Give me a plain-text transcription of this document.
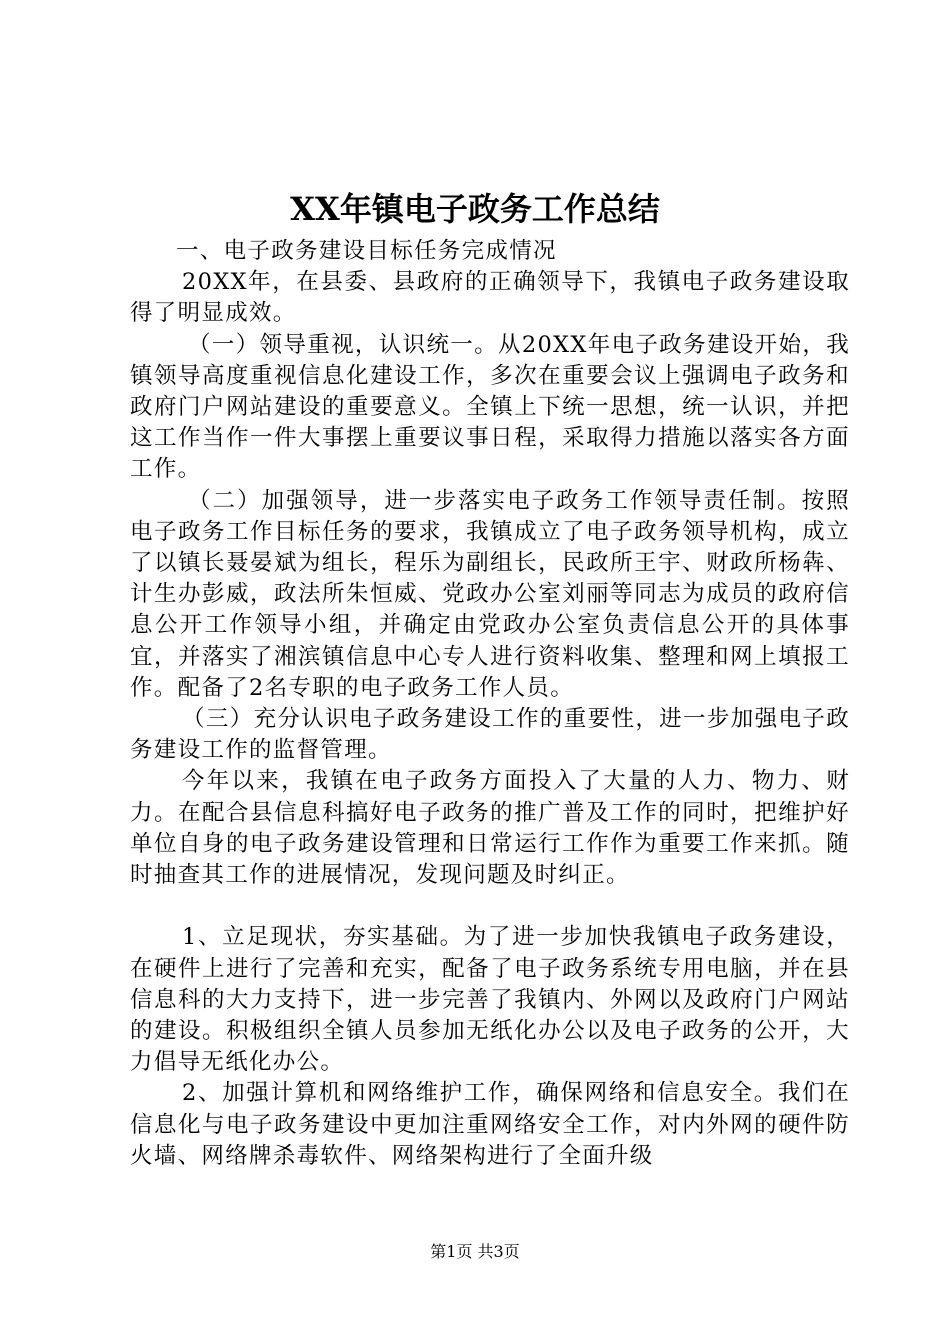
XX年镇电子政务工作总结

一、电子政务建设目标任务完成情况

20XX年，在县委、县政府的正确领导下，我镇电子政务建设取得了明显成效。

（一）领导重视，认识统一。从20XX年电子政务建设开始，我镇领导高度重视信息化建设工作，多次在重要会议上强调电子政务和政府门户网站建设的重要意义。全镇上下统一思想，统一认识，并把这工作当作一件大事摆上重要议事日程，采取得力措施以落实各方面工作。

（二）加强领导，进一步落实电子政务工作领导责任制。按照电子政务工作目标任务的要求，我镇成立了电子政务领导机构，成立了以镇长聂晏斌为组长，程乐为副组长，民政所王宇、财政所杨犇、计生办彭威，政法所朱恒威、党政办公室刘丽等同志为成员的政府信息公开工作领导小组，并确定由党政办公室负责信息公开的具体事宜，并落实了湘滨镇信息中心专人进行资料收集、整理和网上填报工作。配备了2名专职的电子政务工作人员。

（三）充分认识电子政务建设工作的重要性，进一步加强电子政务建设工作的监督管理。

今年以来，我镇在电子政务方面投入了大量的人力、物力、财力。在配合县信息科搞好电子政务的推广普及工作的同时，把维护好单位自身的电子政务建设管理和日常运行工作作为重要工作来抓。随时抽查其工作的进展情况，发现问题及时纠正。

1、立足现状，夯实基础。为了进一步加快我镇电子政务建设，在硬件上进行了完善和充实，配备了电子政务系统专用电脑，并在县信息科的大力支持下，进一步完善了我镇内、外网以及政府门户网站的建设。积极组织全镇人员参加无纸化办公以及电子政务的公开，大力倡导无纸化办公。

2、加强计算机和网络维护工作，确保网络和信息安全。我们在信息化与电子政务建设中更加注重网络安全工作，对内外网的硬件防火墙、网络牌杀毒软件、网络架构进行了全面升级

第1页 共3页
